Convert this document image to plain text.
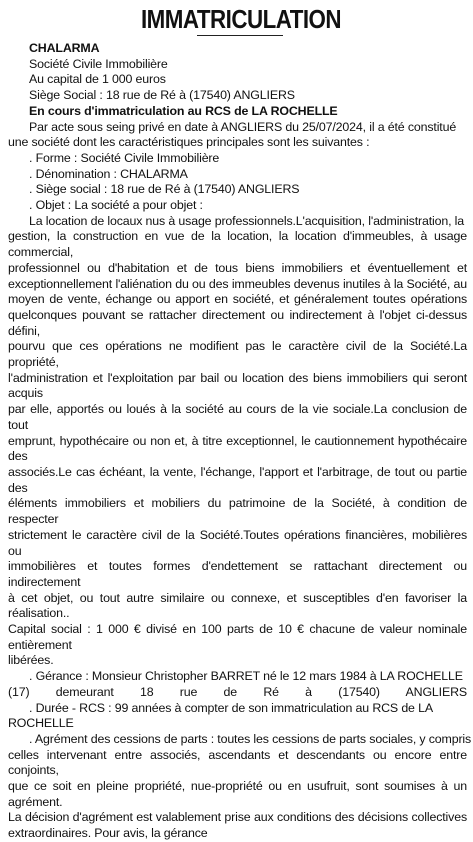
IMMATRICULATION
CHALARMA
Société Civile Immobilière
Au capital de 1 000 euros
Siège Social : 18 rue de Ré à (17540) ANGLIERS
En cours d'immatriculation au RCS de LA ROCHELLE
Par acte sous seing privé en date à ANGLIERS du 25/07/2024, il a été constitué
une société dont les caractéristiques principales sont les suivantes :
. Forme : Société Civile Immobilière
. Dénomination : CHALARMA
. Siège social : 18 rue de Ré à (17540) ANGLIERS
. Objet : La société a pour objet :
La location de locaux nus à usage professionnels.L'acquisition, l'administration, la
gestion, la construction en vue de la location, la location d'immeubles, à usage commercial,
professionnel ou d'habitation et de tous biens immobiliers et éventuellement et
exceptionnellement l'aliénation du ou des immeubles devenus inutiles à la Société, au
moyen de vente, échange ou apport en société, et généralement toutes opérations
quelconques pouvant se rattacher directement ou indirectement à l'objet ci-dessus défini,
pourvu que ces opérations ne modifient pas le caractère civil de la Société.La propriété,
l'administration et l'exploitation par bail ou location des biens immobiliers qui seront acquis
par elle, apportés ou loués à la société au cours de la vie sociale.La conclusion de tout
emprunt, hypothécaire ou non et, à titre exceptionnel, le cautionnement hypothécaire des
associés.Le cas échéant, la vente, l'échange, l'apport et l'arbitrage, de tout ou partie des
éléments immobiliers et mobiliers du patrimoine de la Société, à condition de respecter
strictement le caractère civil de la Société.Toutes opérations financières, mobilières ou
immobilières et toutes formes d'endettement se rattachant directement ou indirectement
à cet objet, ou tout autre similaire ou connexe, et susceptibles d'en favoriser la réalisation..
Capital social : 1 000 € divisé en 100 parts de 10 € chacune de valeur nominale entièrement
libérées.
. Gérance : Monsieur Christopher BARRET né le 12 mars 1984 à LA ROCHELLE
(17) demeurant 18 rue de Ré à (17540) ANGLIERS
. Durée - RCS : 99 années à compter de son immatriculation au RCS de LA
ROCHELLE
. Agrément des cessions de parts : toutes les cessions de parts sociales, y compris
celles intervenant entre associés, ascendants et descendants ou encore entre conjoints,
que ce soit en pleine propriété, nue-propriété ou en usufruit, sont soumises à un agrément.
La décision d'agrément est valablement prise aux conditions des décisions collectives
extraordinaires. Pour avis, la gérance
